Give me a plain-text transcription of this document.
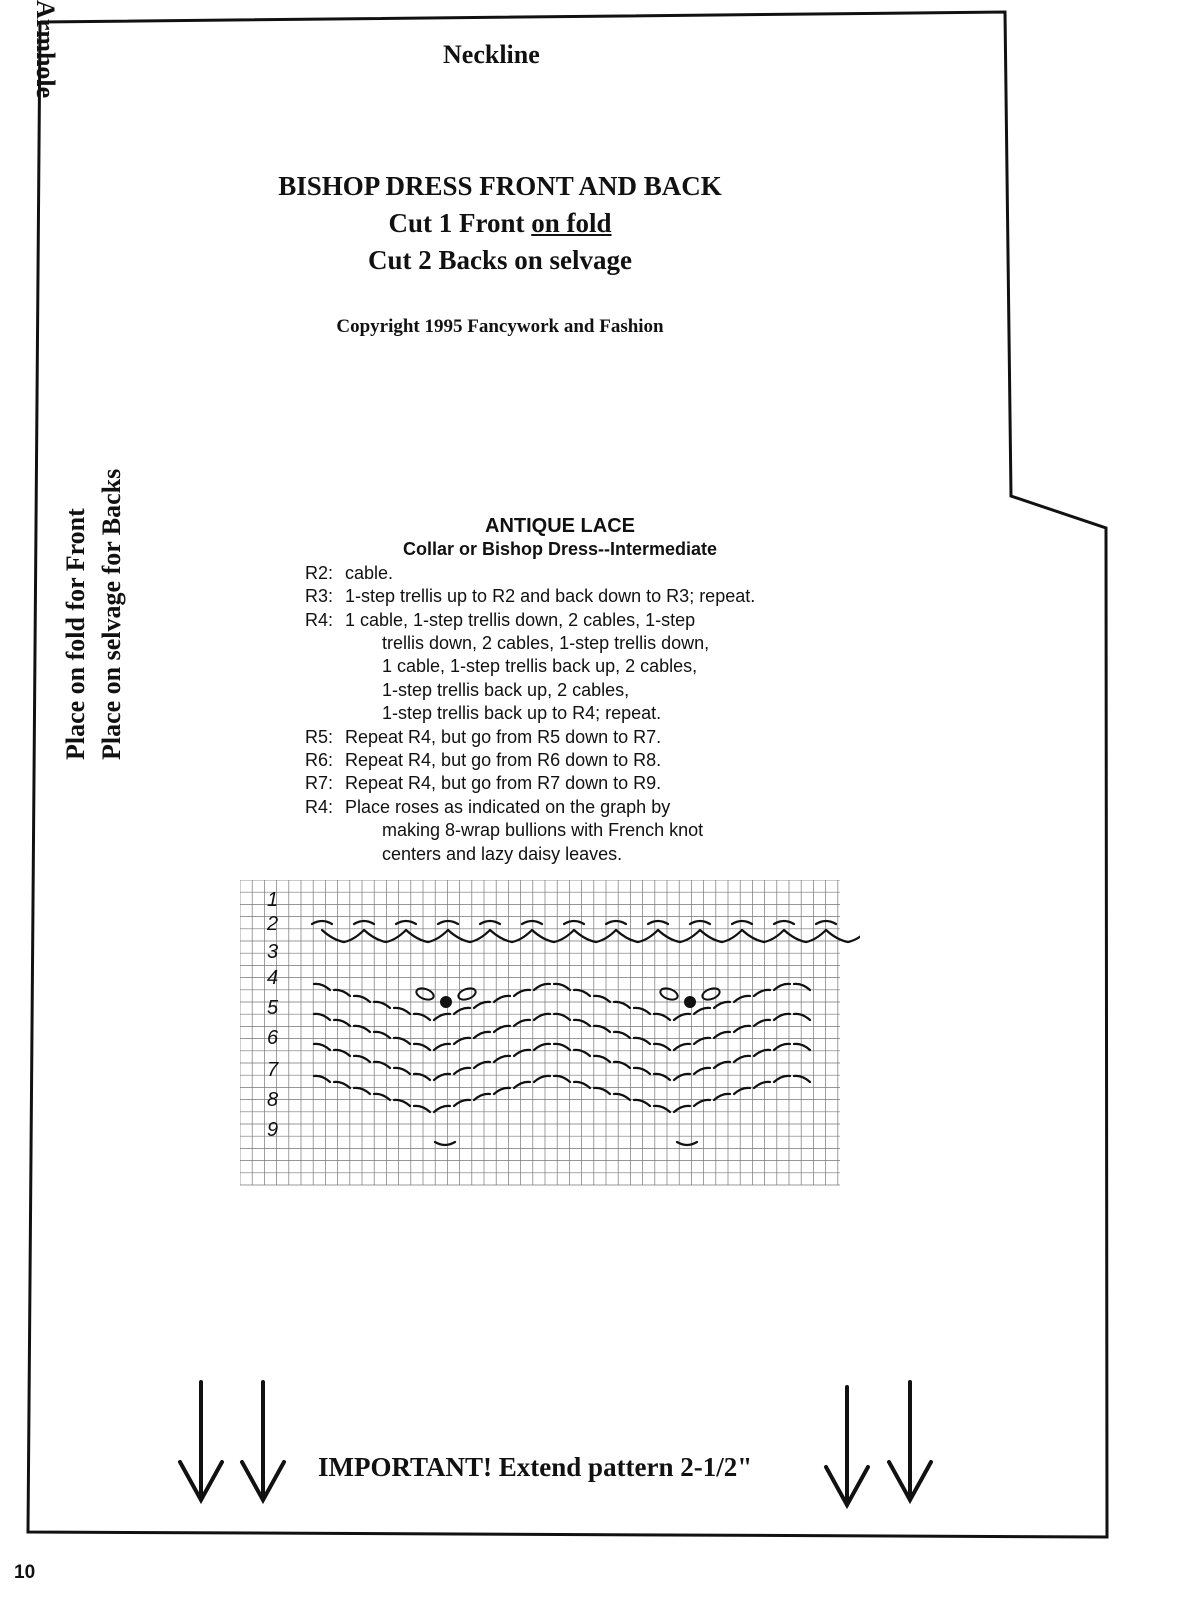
Neckline
BISHOP DRESS FRONT AND BACK
Cut 1 Front on fold
Cut 2 Backs on selvage
Copyright 1995 Fancywork and Fashion
Armhole
Place on fold for Front Place on selvage for Backs	ANTIQUE LACE
Collar or Bishop Dress--Intermediate
R2: cable.
R3: 1-step trellis up to R2 and back down to R3; repeat.
R4: 1 cable, 1-step trellis down, 2 cables, 1-step
trellis down, 2 cables, 1-step trellis down,
1 cable, 1-step trellis back up, 2 cables,
1-step trellis back up, 2 cables,
1-step trellis back up to R4; repeat.
R5: Repeat R4, but go from R5 down to R7.
R6: Repeat R4, but go from R6 down to R8.
R7: Repeat R4, but go from R7 down to R9.
R4: Place roses as indicated on the graph by
making 8-wrap bullions with French knot
centers and lazy daisy leaves.
1
2
3
4
5
6
7
8
9
IMPORTANT! Extend pattern 2-1/2"
10
